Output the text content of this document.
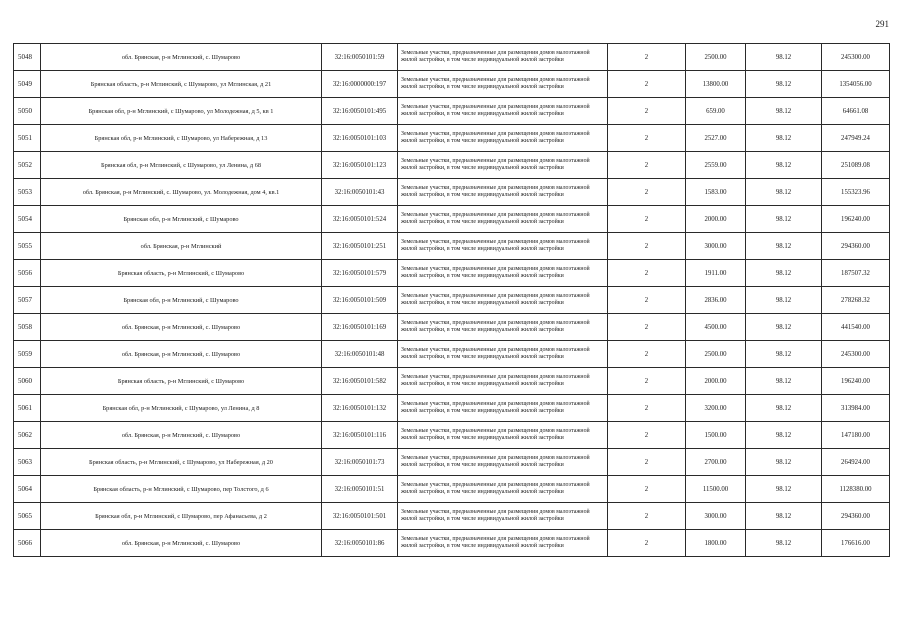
291
5048	обл. Брянская, р-н Мглинский, с. Шумарово	32:16:0050101:59	Земельные участки, предназначенные для размещения домов малоэтажной жилой застройки, в том числе индивидуальной жилой застройки	2	2500.00	98.12	245300.00
5049	Брянская область, р-н Мглинский, с Шумарово, ул Мглинская, д 21	32:16:0000000:197	Земельные участки, предназначенные для размещения домов малоэтажной жилой застройки, в том числе индивидуальной жилой застройки	2	13800.00	98.12	1354056.00
5050	Брянская обл, р-н Мглинский, с Шумарово, ул Молодежная, д 5, кв 1	32:16:0050101:495	Земельные участки, предназначенные для размещения домов малоэтажной жилой застройки, в том числе индивидуальной жилой застройки	2	659.00	98.12	64661.08
5051	Брянская обл, р-н Мглинский, с Шумарово, ул Набережная, д 13	32:16:0050101:103	Земельные участки, предназначенные для размещения домов малоэтажной жилой застройки, в том числе индивидуальной жилой застройки	2	2527.00	98.12	247949.24
5052	Брянская обл, р-н Мглинский, с Шумарово, ул Ленина, д 68	32:16:0050101:123	Земельные участки, предназначенные для размещения домов малоэтажной жилой застройки, в том числе индивидуальной жилой застройки	2	2559.00	98.12	251089.08
5053	обл. Брянская, р-н Мглинский, с. Шумарово, ул. Молодежная, дом 4, кв.1	32:16:0050101:43	Земельные участки, предназначенные для размещения домов малоэтажной жилой застройки, в том числе индивидуальной жилой застройки	2	1583.00	98.12	155323.96
5054	Брянская обл, р-н Мглинский, с Шумарово	32:16:0050101:524	Земельные участки, предназначенные для размещения домов малоэтажной жилой застройки, в том числе индивидуальной жилой застройки	2	2000.00	98.12	196240.00
5055	обл. Брянская, р-н Мглинский	32:16:0050101:251	Земельные участки, предназначенные для размещения домов малоэтажной жилой застройки, в том числе индивидуальной жилой застройки	2	3000.00	98.12	294360.00
5056	Брянская область, р-н Мглинский, с Шумарово	32:16:0050101:579	Земельные участки, предназначенные для размещения домов малоэтажной жилой застройки, в том числе индивидуальной жилой застройки	2	1911.00	98.12	187507.32
5057	Брянская обл, р-н Мглинский, с Шумарово	32:16:0050101:509	Земельные участки, предназначенные для размещения домов малоэтажной жилой застройки, в том числе индивидуальной жилой застройки	2	2836.00	98.12	278268.32
5058	обл. Брянская, р-н Мглинский, с. Шумарово	32:16:0050101:169	Земельные участки, предназначенные для размещения домов малоэтажной жилой застройки, в том числе индивидуальной жилой застройки	2	4500.00	98.12	441540.00
5059	обл. Брянская, р-н Мглинский, с. Шумарово	32:16:0050101:48	Земельные участки, предназначенные для размещения домов малоэтажной жилой застройки, в том числе индивидуальной жилой застройки	2	2500.00	98.12	245300.00
5060	Брянская область, р-н Мглинский, с Шумарово	32:16:0050101:582	Земельные участки, предназначенные для размещения домов малоэтажной жилой застройки, в том числе индивидуальной жилой застройки	2	2000.00	98.12	196240.00
5061	Брянская обл, р-н Мглинский, с Шумарово, ул Ленина, д 8	32:16:0050101:132	Земельные участки, предназначенные для размещения домов малоэтажной жилой застройки, в том числе индивидуальной жилой застройки	2	3200.00	98.12	313984.00
5062	обл. Брянская, р-н Мглинский, с. Шумарово	32:16:0050101:116	Земельные участки, предназначенные для размещения домов малоэтажной жилой застройки, в том числе индивидуальной жилой застройки	2	1500.00	98.12	147180.00
5063	Брянская область, р-н Мглинский, с Шумарово, ул Набережная, д 20	32:16:0050101:73	Земельные участки, предназначенные для размещения домов малоэтажной жилой застройки, в том числе индивидуальной жилой застройки	2	2700.00	98.12	264924.00
5064	Брянская область, р-н Мглинский, с Шумарово, пер Толстого, д 6	32:16:0050101:51	Земельные участки, предназначенные для размещения домов малоэтажной жилой застройки, в том числе индивидуальной жилой застройки	2	11500.00	98.12	1128380.00
5065	Брянская обл, р-н Мглинский, с Шумарово, пер Афанасьева, д 2	32:16:0050101:501	Земельные участки, предназначенные для размещения домов малоэтажной жилой застройки, в том числе индивидуальной жилой застройки	2	3000.00	98.12	294360.00
5066	обл. Брянская, р-н Мглинский, с. Шумарово	32:16:0050101:86	Земельные участки, предназначенные для размещения домов малоэтажной жилой застройки, в том числе индивидуальной жилой застройки	2	1800.00	98.12	176616.00
